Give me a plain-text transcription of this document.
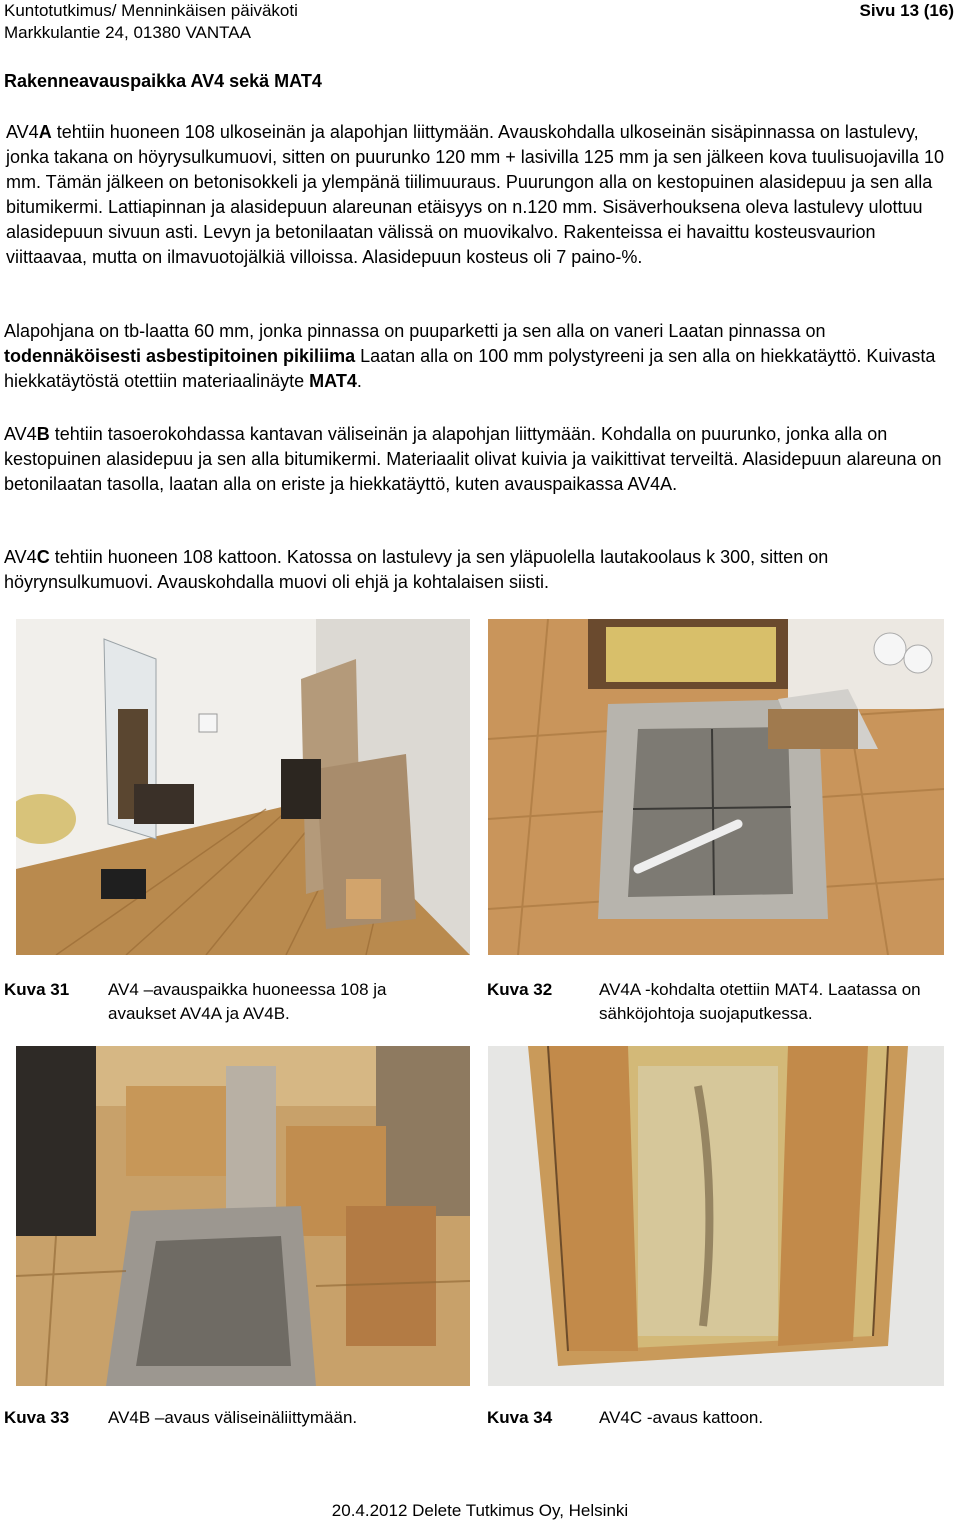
Kuntotutkimus/ Menninkäisen päiväkoti
Markkulantie 24, 01380 VANTAA
Sivu 13 (16)
Rakenneavauspaikka AV4 sekä MAT4
AV4A tehtiin huoneen 108 ulkoseinän ja alapohjan liittymään. Avauskohdalla ulkoseinän sisäpinnassa on lastulevy, jonka takana on höyrysulkumuovi, sitten on puurunko 120 mm + lasivilla 125 mm ja sen jälkeen kova tuulisuojavilla 10 mm. Tämän jälkeen on betonisokkeli ja ylempänä tiilimuuraus. Puurungon alla on kestopuinen alasidepuu ja sen alla bitumikermi. Lattiapinnan ja alasidepuun alareunan etäisyys on n.120 mm. Sisäverhouksena oleva lastulevy ulottuu alasidepuun sivuun asti. Levyn ja betonilaatan välissä on muovikalvo. Rakenteissa ei havaittu kosteusvaurion viittaavaa, mutta on ilmavuotojälkiä villoissa. Alasidepuun kosteus oli 7 paino-%.
Alapohjana on tb-laatta 60 mm, jonka pinnassa on puuparketti ja sen alla on vaneri Laatan pinnassa on todennäköisesti asbestipitoinen pikiliima Laatan alla on 100 mm polystyreeni ja sen alla on hiekkatäyttö. Kuivasta hiekkatäytöstä otettiin materiaalinäyte MAT4.
AV4B tehtiin tasoerokohdassa kantavan väliseinän ja alapohjan liittymään. Kohdalla on puurunko, jonka alla on kestopuinen alasidepuu ja sen alla bitumikermi. Materiaalit olivat kuivia ja vaikittivat terveiltä. Alasidepuun alareuna on betonilaatan tasolla, laatan alla on eriste ja hiekkatäyttö, kuten avauspaikassa AV4A.
AV4C tehtiin huoneen 108 kattoon. Katossa on lastulevy ja sen yläpuolella lautakoolaus k 300, sitten on höyrynsulkumuovi. Avauskohdalla muovi oli ehjä ja kohtalaisen siisti.
Kuva 31 AV4 –avauspaikka huoneessa 108 ja avaukset AV4A ja AV4B.
Kuva 32	AV4A -kohdalta otettiin MAT4. Laatassa on sähköjohtoja suojaputkessa.
Kuva 33 AV4B –avaus väliseinäliittymään.	Kuva 34	AV4C -avaus kattoon.
20.4.2012 Delete Tutkimus Oy, Helsinki
